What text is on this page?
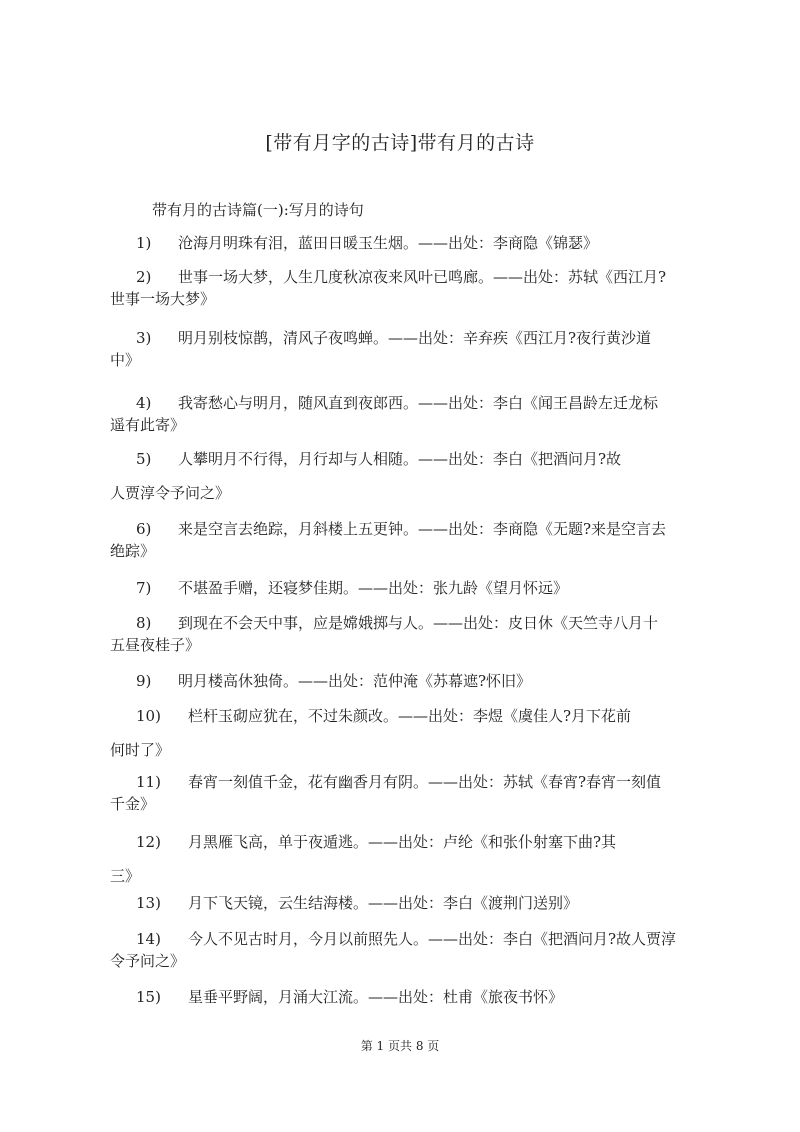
[带有月字的古诗]带有月的古诗
带有月的古诗篇(一):写月的诗句
1) 沧海月明珠有泪，蓝田日暖玉生烟。——出处：李商隐《锦瑟》
2) 世事一场大梦，人生几度秋凉夜来风叶已鸣廊。——出处：苏轼《西江月?
世事一场大梦》
3) 明月别枝惊鹊，清风子夜鸣蝉。——出处：辛弃疾《西江月?夜行黄沙道
中》
4) 我寄愁心与明月，随风直到夜郎西。——出处：李白《闻王昌龄左迁龙标
遥有此寄》
5) 人攀明月不行得，月行却与人相随。——出处：李白《把酒问月?故
人贾淳令予问之》
6) 来是空言去绝踪，月斜楼上五更钟。——出处：李商隐《无题?来是空言去
绝踪》
7) 不堪盈手赠，还寝梦佳期。——出处：张九龄《望月怀远》
8) 到现在不会天中事，应是嫦娥掷与人。——出处：皮日休《天竺寺八月十
五昼夜桂子》
9) 明月楼高休独倚。——出处：范仲淹《苏幕遮?怀旧》
10) 栏杆玉砌应犹在，不过朱颜改。——出处：李煜《虞佳人?月下花前
何时了》
11) 春宵一刻值千金，花有幽香月有阴。——出处：苏轼《春宵?春宵一刻值
千金》
12) 月黑雁飞高，单于夜遁逃。——出处：卢纶《和张仆射塞下曲?其
三》
13) 月下飞天镜，云生结海楼。——出处：李白《渡荆门送别》
14) 今人不见古时月，今月以前照先人。——出处：李白《把酒问月?故人贾淳
令予问之》
15) 星垂平野阔，月涌大江流。——出处：杜甫《旅夜书怀》
第 1 页共 8 页
